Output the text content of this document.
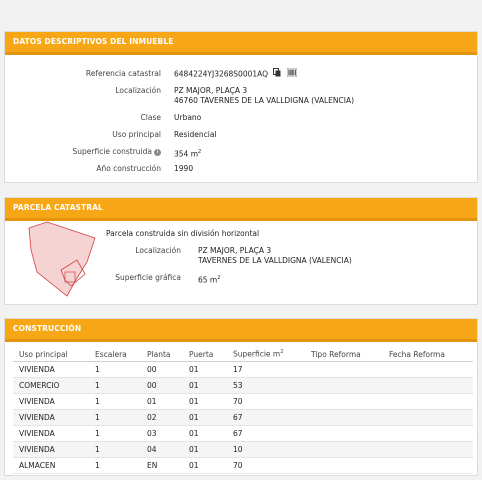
DATOS DESCRIPTIVOS DEL INMUEBLE
Referencia catastral 6484224YJ3268S0001AQ
Localización PZ MAJOR, PLAÇA 3
46760 TAVERNES DE LA VALLDIGNA (VALENCIA)
Clase Urbano
Uso principal Residencial
Superficie construida i	354 $m^2$
Año construcción 1990
PARCELA CATASTRAL
Parcela construida sin división horizontal
Localización PZ MAJOR, PLAÇA 3
TAVERNES DE LA VALLDIGNA (VALENCIA)
Superficie gráfica 65 $m^2$
CONSTRUCCIÓN
Uso principal	Escalera	Planta	Puerta	Superficie $m^2$	Tipo Reforma	Fecha Reforma
VIVIENDA	1	00	01	17		
COMERCIO	1	00	01	53		
VIVIENDA	1	01	01	70		
VIVIENDA	1	02	01	67		
VIVIENDA	1	03	01	67		
VIVIENDA	1	04	01	10		
ALMACEN	1	EN	01	70		
